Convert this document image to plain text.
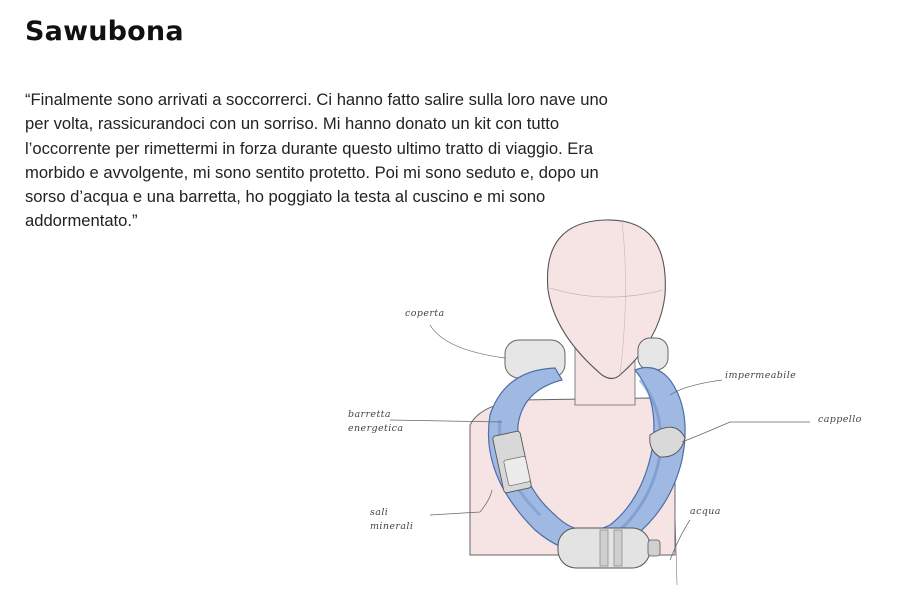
Sawubona

“Finalmente sono arrivati a soccorrerci. Ci hanno fatto salire sulla loro nave uno per volta, rassicurandoci con un sorriso. Mi hanno donato un kit con tutto l’occorrente per rimettermi in forza durante questo ultimo tratto di viaggio. Era morbido e avvolgente, mi sono sentito protetto. Poi mi sono seduto e, dopo un sorso d’acqua e una barretta, ho poggiato la testa al cuscino e mi sono addormentato.”

coperta
impermeabile
barretta energetica
cappello
sali minerali
acqua
